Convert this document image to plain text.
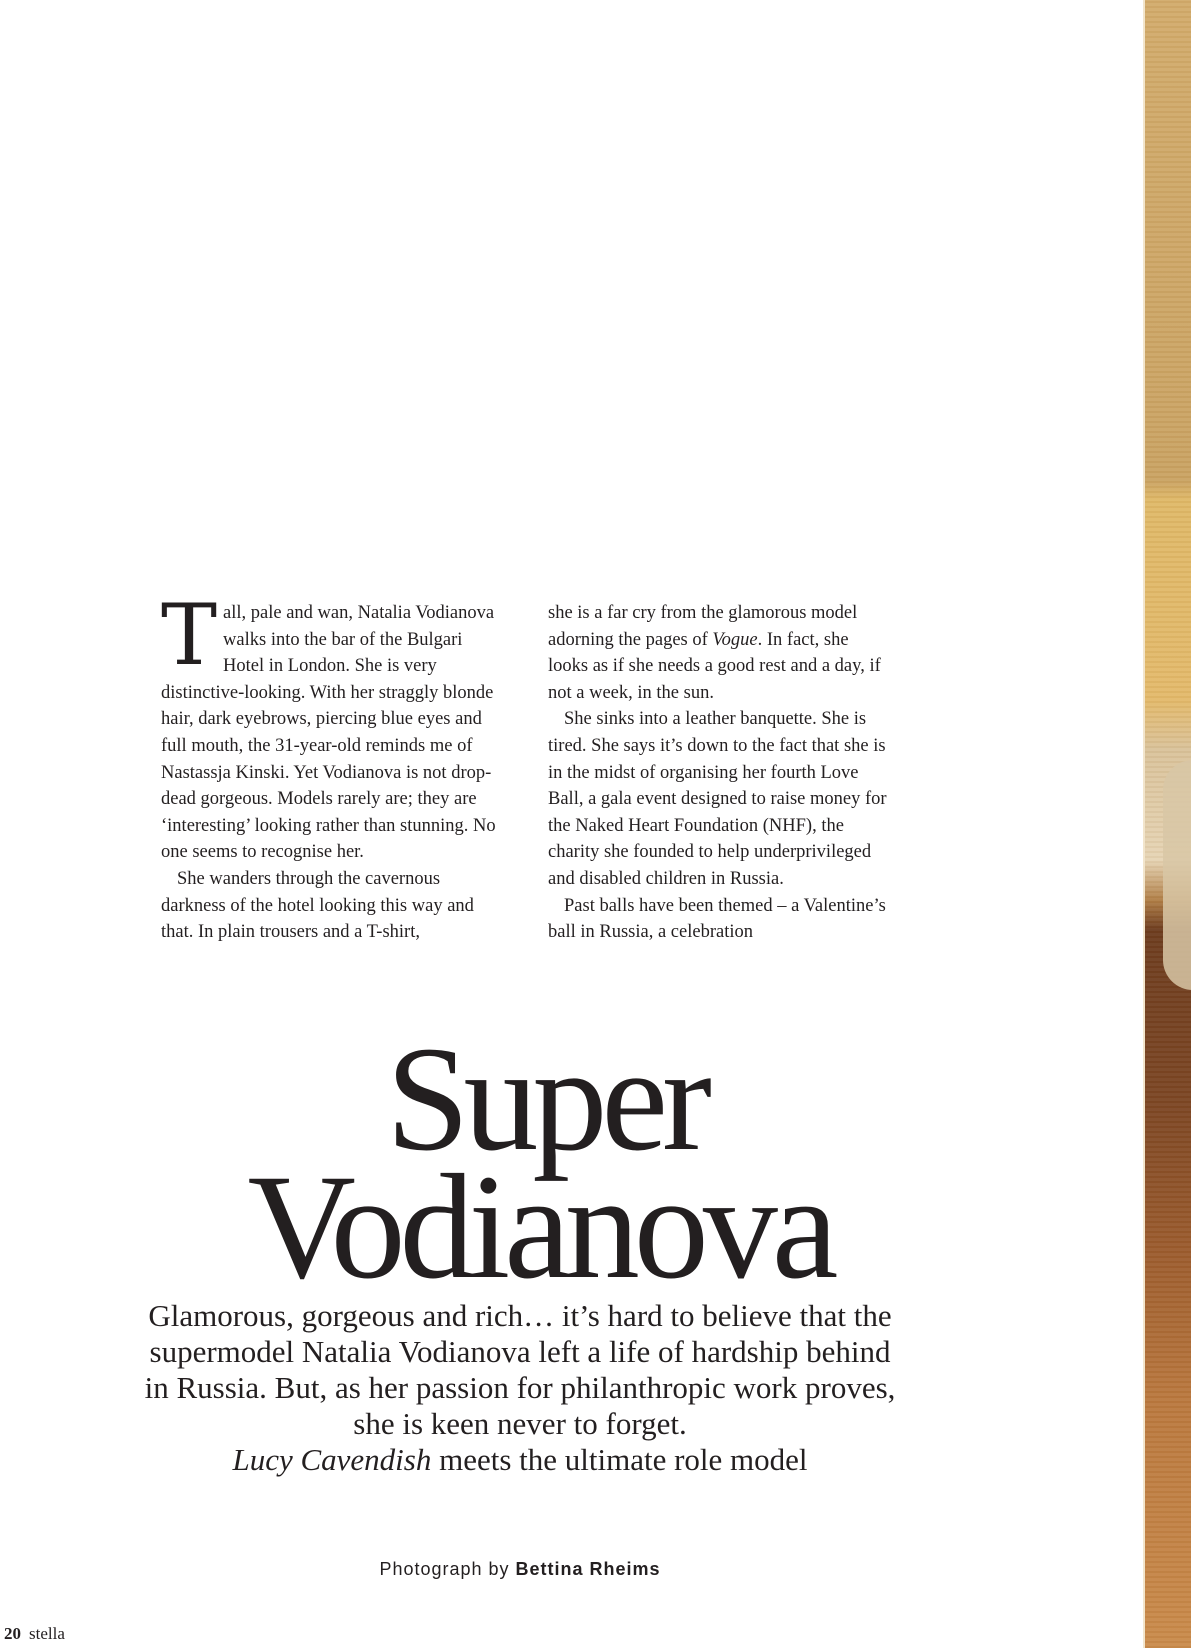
Tall, pale and wan, Natalia Vodianova walks into the bar of the Bulgari Hotel in London. She is very distinctive-looking. With her straggly blonde hair, dark eyebrows, piercing blue eyes and full mouth, the 31-year-old reminds me of Nastassja Kinski. Yet Vodianova is not drop-dead gorgeous. Models rarely are; they are ‘interesting’ looking rather than stunning. No one seems to recognise her.

She wanders through the cavernous darkness of the hotel looking this way and that. In plain trousers and a T-shirt,

she is a far cry from the glamorous model adorning the pages of Vogue. In fact, she looks as if she needs a good rest and a day, if not a week, in the sun.

She sinks into a leather banquette. She is tired. She says it’s down to the fact that she is in the midst of organising her fourth Love Ball, a gala event designed to raise money for the Naked Heart Foundation (NHF), the charity she founded to help underprivileged and disabled children in Russia.

Past balls have been themed – a Valentine’s ball in Russia, a celebration

Super
Vodianova
Glamorous, gorgeous and rich… it’s hard to believe that the supermodel Natalia Vodianova left a life of hardship behind in Russia. But, as her passion for philanthropic work proves, she is keen never to forget.
Lucy Cavendish meets the ultimate role model
Photograph by Bettina Rheims
20 stella
